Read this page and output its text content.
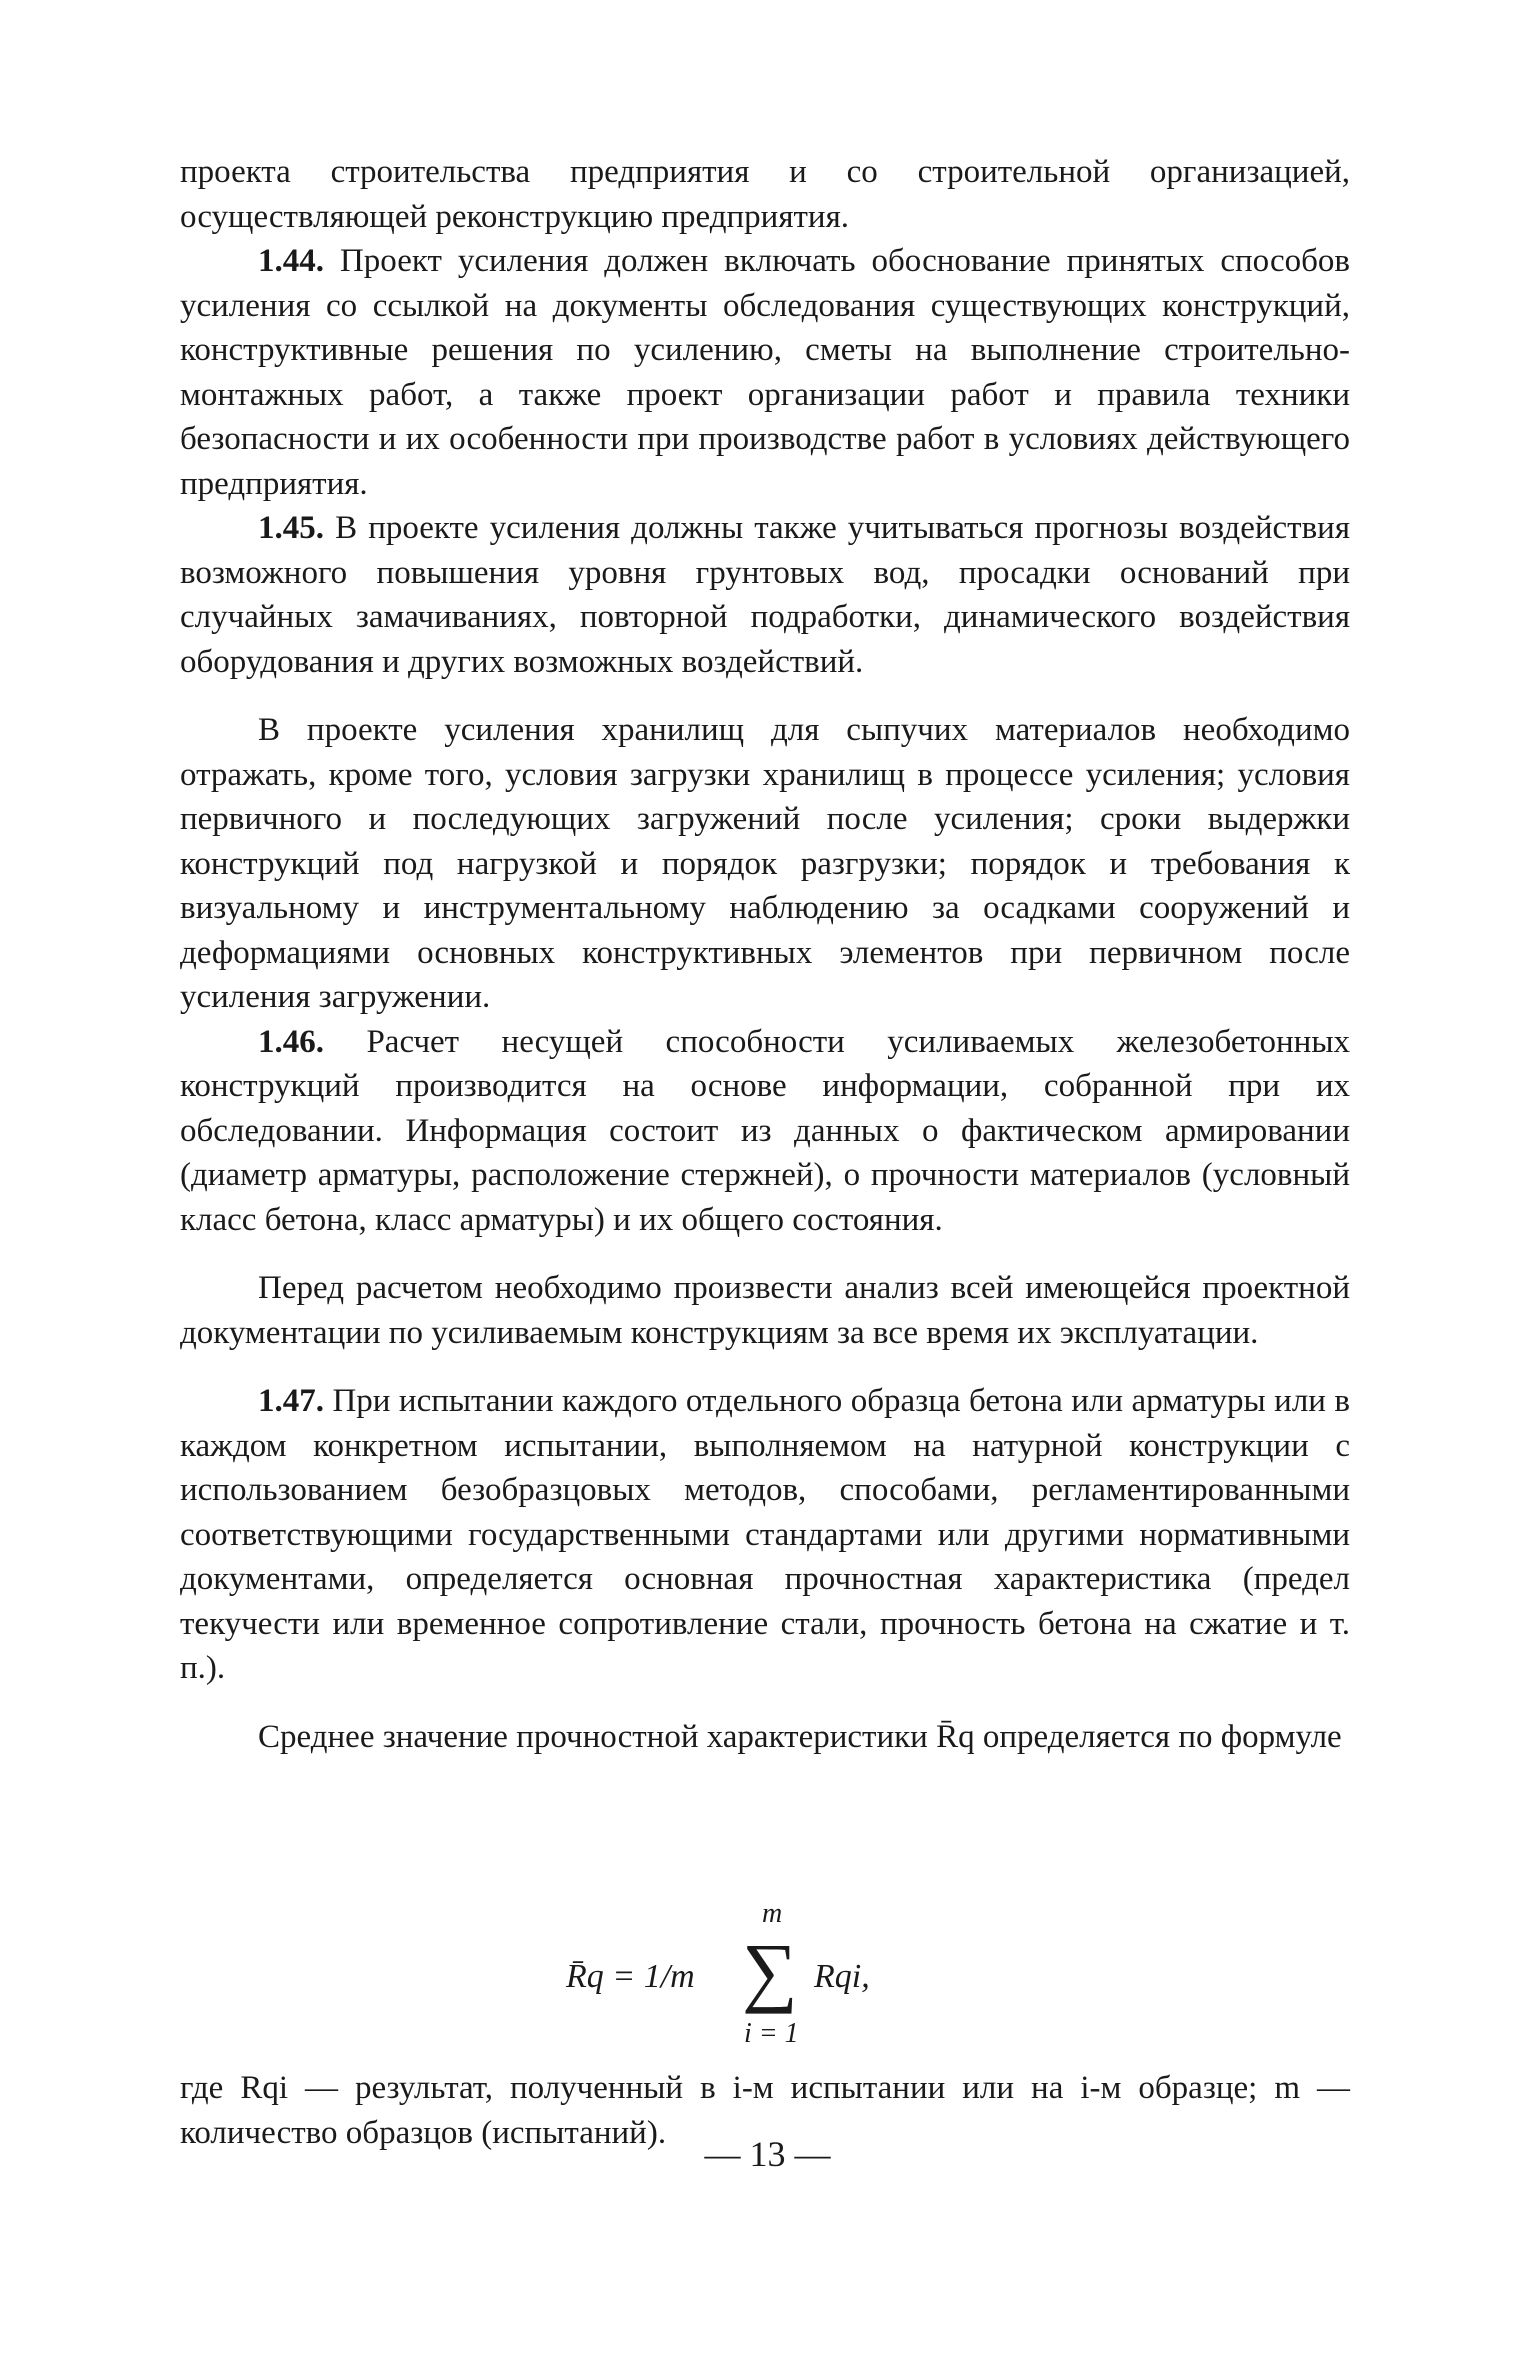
проекта строительства предприятия и со строительной организацией, осуществляющей реконструкцию предприятия.

1.44. Проект усиления должен включать обоснование принятых способов усиления со ссылкой на документы обследования существующих конструкций, конструктивные решения по усилению, сметы на выполнение строительно-монтажных работ, а также проект организации работ и правила техники безопасности и их особенности при производстве работ в условиях действующего предприятия.

1.45. В проекте усиления должны также учитываться прогнозы воздействия возможного повышения уровня грунтовых вод, просадки оснований при случайных замачиваниях, повторной подработки, динамического воздействия оборудования и других возможных воздействий.

В проекте усиления хранилищ для сыпучих материалов необходимо отражать, кроме того, условия загрузки хранилищ в процессе усиления; условия первичного и последующих загружений после усиления; сроки выдержки конструкций под нагрузкой и порядок разгрузки; порядок и требования к визуальному и инструментальному наблюдению за осадками сооружений и деформациями основных конструктивных элементов при первичном после усиления загружении.

1.46. Расчет несущей способности усиливаемых железобетонных конструкций производится на основе информации, собранной при их обследовании. Информация состоит из данных о фактическом армировании (диаметр арматуры, расположение стержней), о прочности материалов (условный класс бетона, класс арматуры) и их общего состояния.

Перед расчетом необходимо произвести анализ всей имеющейся проектной документации по усиливаемым конструкциям за все время их эксплуатации.

1.47. При испытании каждого отдельного образца бетона или арматуры или в каждом конкретном испытании, выполняемом на натурной конструкции с использованием безобразцовых методов, способами, регламентированными соответствующими государственными стандартами или другими нормативными документами, определяется основная прочностная характеристика (предел текучести или временное сопротивление стали, прочность бетона на сжатие и т. п.).

Среднее значение прочностной характеристики R̄q определяется по формуле

R̄q = 1/m
m
∑
i = 1
Rqi,

где Rqi — результат, полученный в i-м испытании или на i-м образце; m — количество образцов (испытаний).

— 13 —
